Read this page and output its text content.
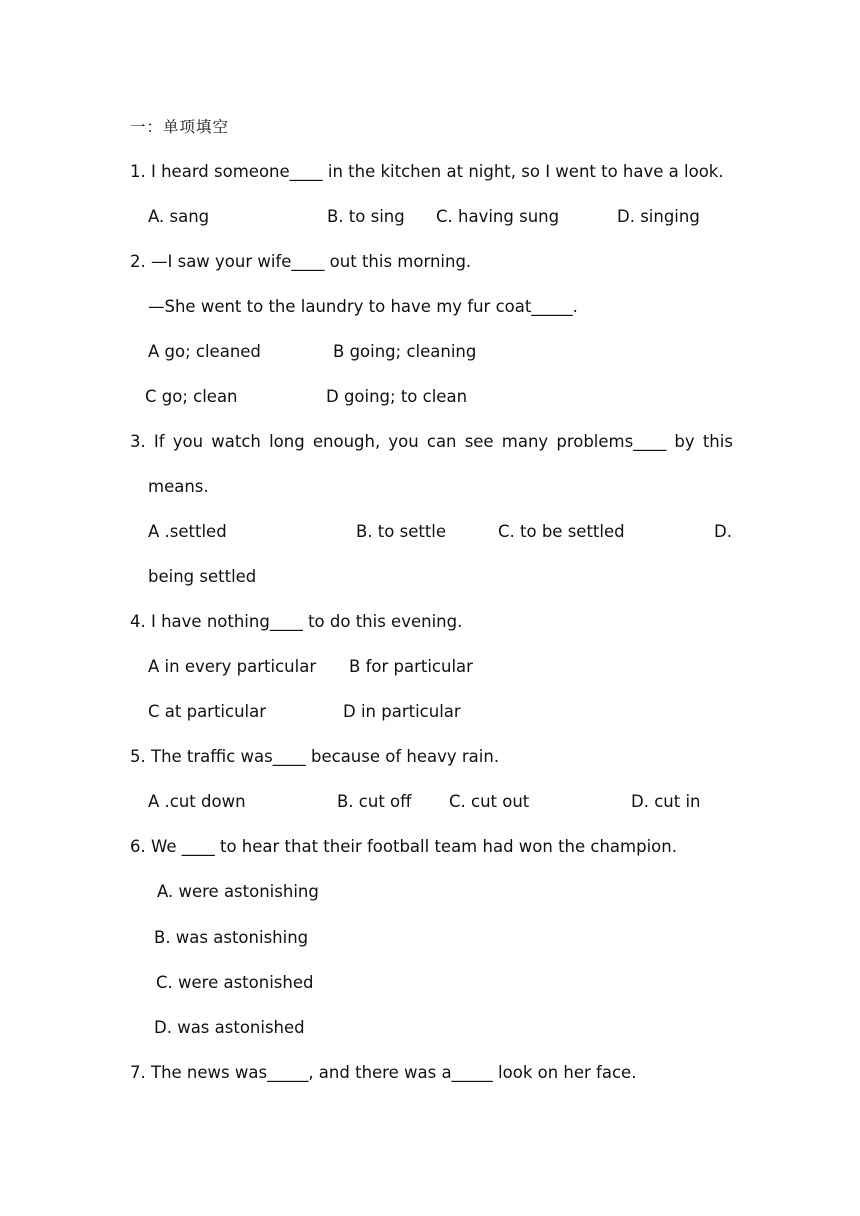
一：单项填空
1. I heard someone____ in the kitchen at night, so I went to have a look.
A. sang	B. to sing C. having sung	D. singing
2. —I saw your wife____ out this morning.
—She went to the laundry to have my fur coat_____.
A go; cleaned	B going; cleaning
C go; clean	D going; to clean
3. If you watch long enough, you can see many problems____ by this
means.
A .settled	B. to settle	C. to be settled	D.
being settled
4. I have nothing____ to do this evening.
A in every particular B for particular
C at particular	D in particular
5. The traffic was____ because of heavy rain.
A .cut down	B. cut off C. cut out	D. cut in
6. We ____ to hear that their football team had won the champion.
A. were astonishing
B. was astonishing
C. were astonished
D. was astonished
7. The news was_____, and there was a_____ look on her face.
